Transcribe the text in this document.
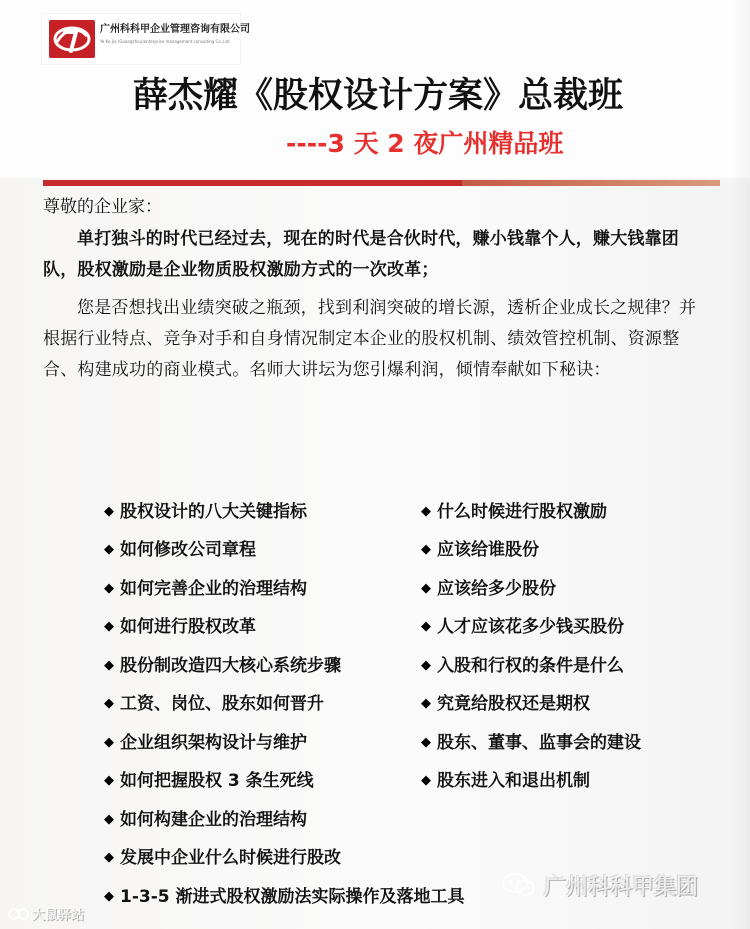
广州科科甲企业管理咨询有限公司
Ye Ke Jia (Guangzhou)enterprise management consulting Co.,Ltd
薛杰耀《股权设计方案》总裁班
----3 天 2 夜广州精品班

尊敬的企业家：

单打独斗的时代已经过去，现在的时代是合伙时代，赚小钱靠个人，赚大钱靠团队，股权激励是企业物质股权激励方式的一次改革；

您是否想找出业绩突破之瓶颈，找到利润突破的增长源，透析企业成长之规律？并根据行业特点、竞争对手和自身情况制定本企业的股权机制、绩效管控机制、资源整合、构建成功的商业模式。名师大讲坛为您引爆利润，倾情奉献如下秘诀：

◆ 股权设计的八大关键指标
◆ 如何修改公司章程
◆ 如何完善企业的治理结构
◆ 如何进行股权改革
◆ 股份制改造四大核心系统步骤
◆ 工资、岗位、股东如何晋升
◆ 企业组织架构设计与维护
◆ 如何把握股权 3 条生死线
◆ 如何构建企业的治理结构
◆ 发展中企业什么时候进行股改
◆ 1-3-5 渐进式股权激励法实际操作及落地工具
◆ 什么时候进行股权激励
◆ 应该给谁股份
◆ 应该给多少股份
◆ 人才应该花多少钱买股份
◆ 入股和行权的条件是什么
◆ 究竟给股权还是期权
◆ 股东、董事、监事会的建设
◆ 股东进入和退出机制
广州科科甲集团
大鼠驿站
